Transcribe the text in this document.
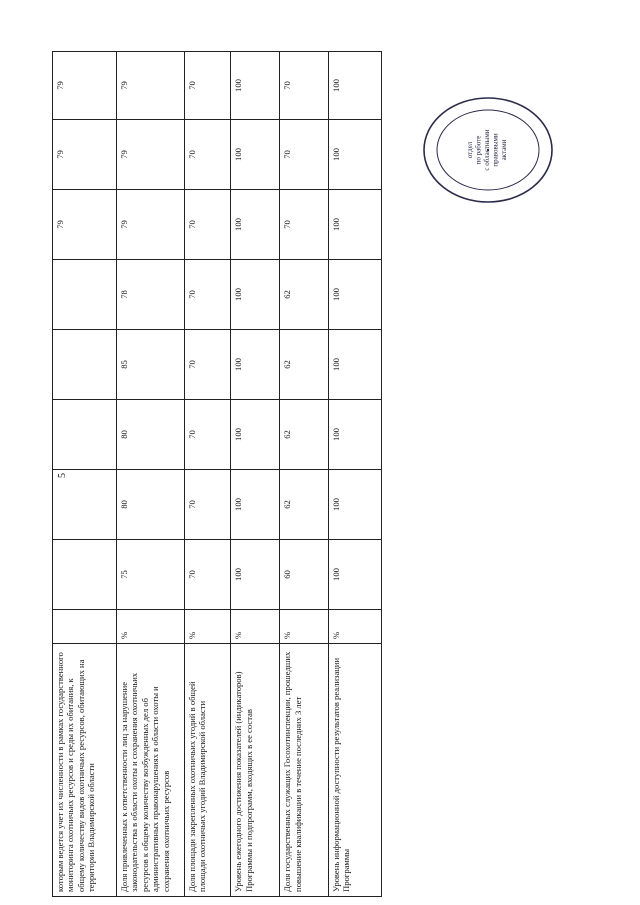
5
которым ведется учет их численности в рамках государственного мониторинга охотничьих ресурсов и среды их обитания, к общему количеству видов охотничьих ресурсов, обитающих на территории Владимирской области							79	79	79
Доля привлеченных к ответственности лиц за нарушение законодательства в области охоты и сохранения охотничьих ресурсов к общему количеству возбужденных дел об административных правонарушениях в области охоты и сохранения охотничьих ресурсов	%	75	80	80	85	78	79	79	79
Доля площади закрепленных охотничьих угодий в общей площади охотничьих угодий Владимирской области	%	70	70	70	70	70	70	70	70
Уровень ежегодного достижения показателей (индикаторов) Программы и подпрограмм, входящих в ее состав	%	100	100	100	100	100	100	100	100
Доля государственных служащих Госохотинспекции, прошедших повышение квалификации в течение последних 3 лет	%	60	62	62	62	62	70	70	70
Уровень информационной доступности результатов реализации Программы	%	100	100	100	100	100	100	100	100
отдел по работе с областными правовыми актами
